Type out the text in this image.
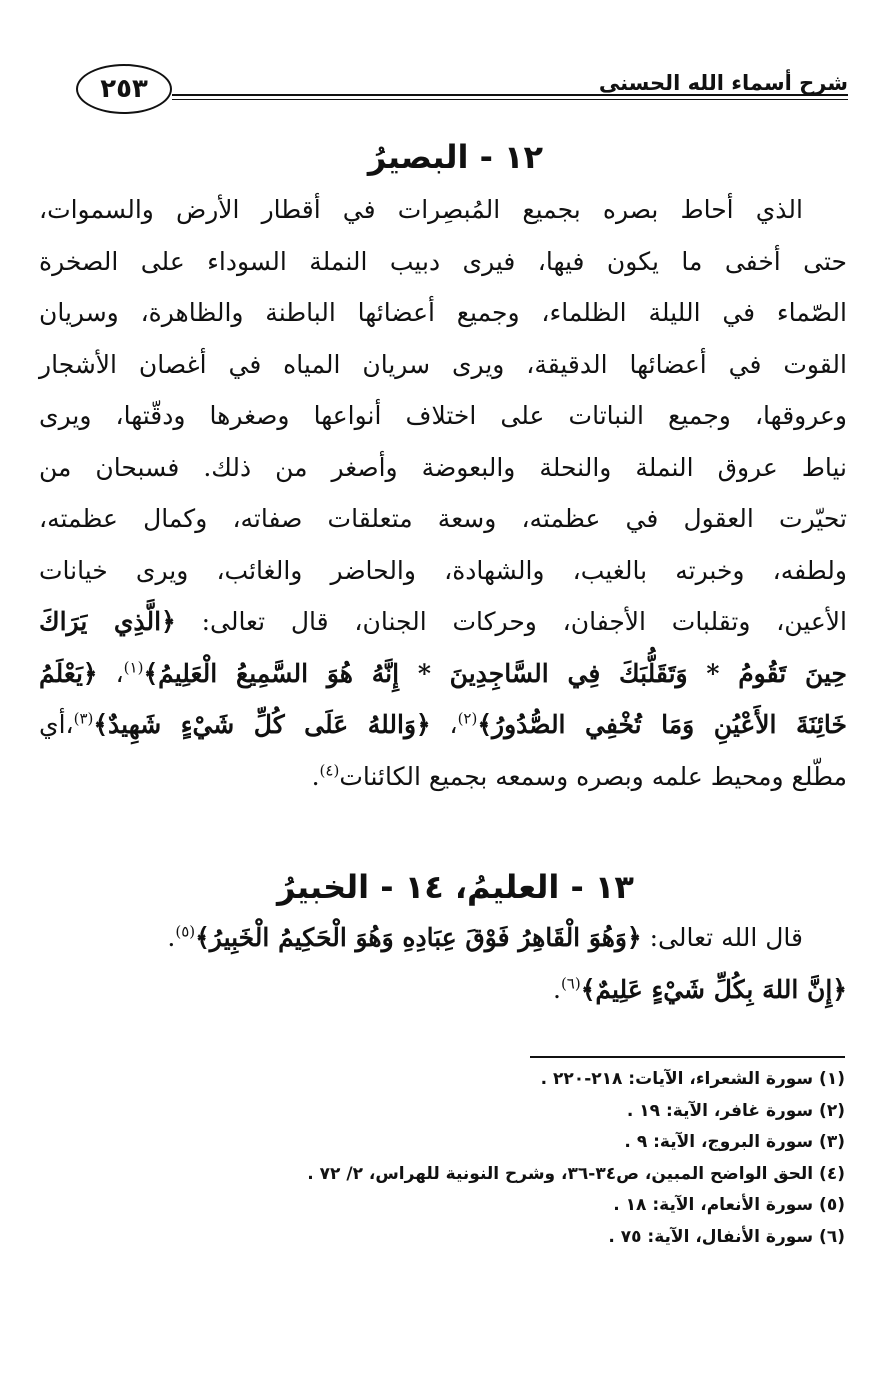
شرح أسماء الله الحسنى
٢٥٣
١٢ - البصيرُ
الذي أحاط بصره بجميع المُبصِرات في أقطار الأرض والسموات،
حتى أخفى ما يكون فيها، فيرى دبيب النملة السوداء على الصخرة
الصّماء في الليلة الظلماء، وجميع أعضائها الباطنة والظاهرة، وسريان
القوت في أعضائها الدقيقة، ويرى سريان المياه في أغصان الأشجار
وعروقها، وجميع النباتات على اختلاف أنواعها وصغرها ودقّتها، ويرى
نياط عروق النملة والنحلة والبعوضة وأصغر من ذلك. فسبحان من
تحيّرت العقول في عظمته، وسعة متعلقات صفاته، وكمال عظمته،
ولطفه، وخبرته بالغيب، والشهادة، والحاضر والغائب، ويرى خيانات
الأعين، وتقلبات الأجفان، وحركات الجنان، قال تعالى: ﴿الَّذِي يَرَاكَ
حِينَ تَقُومُ * وَتَقَلُّبَكَ فِي السَّاجِدِينَ * إِنَّهُ هُوَ السَّمِيعُ الْعَلِيمُ﴾$^{(١)}$، ﴿يَعْلَمُ
خَائِنَةَ الأَعْيُنِ وَمَا تُخْفِي الصُّدُورُ﴾$^{(٢)}$، ﴿وَاللهُ عَلَى كُلِّ شَيْءٍ شَهِيدٌ﴾$^{(٣)}$،أي
مطّلع ومحيط علمه وبصره وسمعه بجميع الكائنات$^{(٤)}$.
١٣ - العليمُ، ١٤ - الخبيرُ
قال الله تعالى: ﴿وَهُوَ الْقَاهِرُ فَوْقَ عِبَادِهِ وَهُوَ الْحَكِيمُ الْخَبِيرُ﴾$^{(٥)}$.
﴿إِنَّ اللهَ بِكُلِّ شَيْءٍ عَلِيمٌ﴾$^{(٦)}$.
(١) سورة الشعراء، الآيات: ٢١٨-٢٢٠ .
(٢) سورة غافر، الآية: ١٩ .
(٣) سورة البروج، الآية: ٩ .
(٤) الحق الواضح المبين، ص٣٤-٣٦، وشرح النونية للهراس، ٢/ ٧٢ .
(٥) سورة الأنعام، الآية: ١٨ .
(٦) سورة الأنفال، الآية: ٧٥ .
